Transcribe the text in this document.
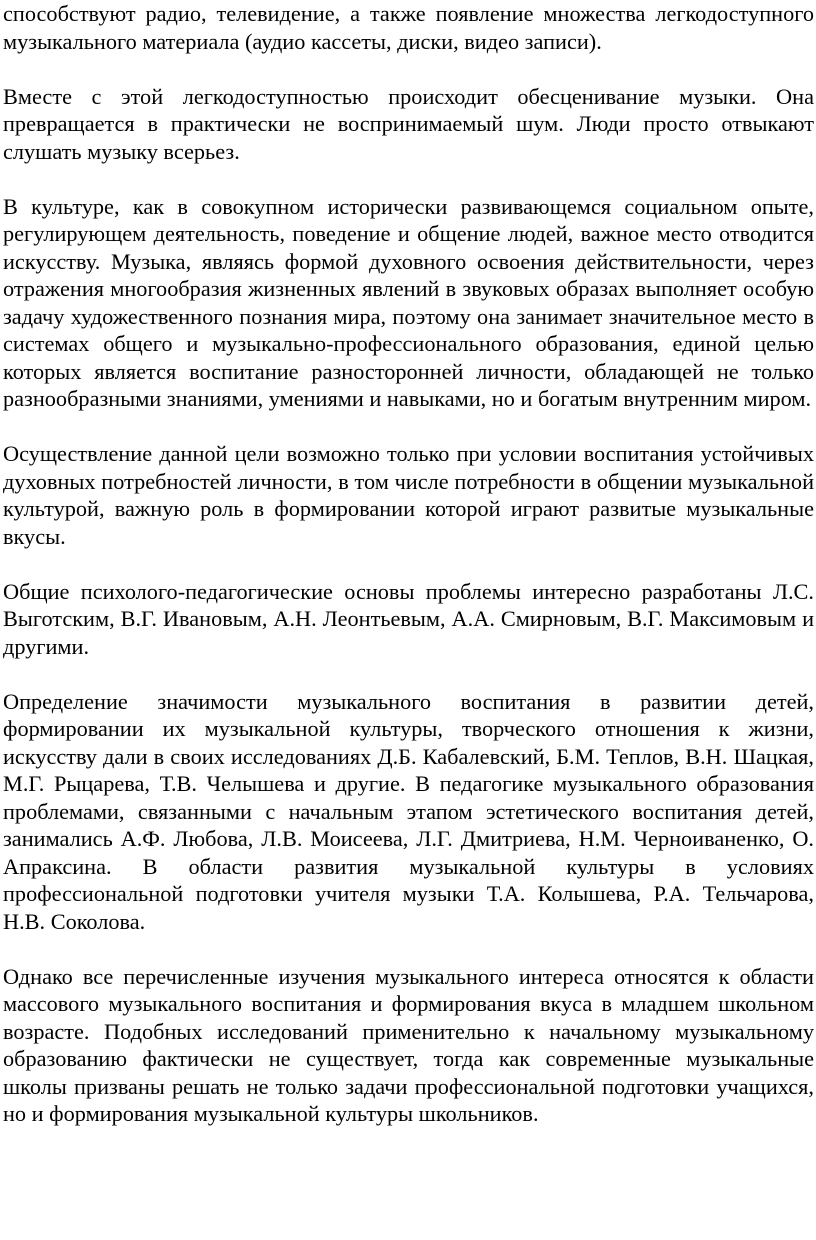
способствуют радио, телевидение, а также появление множества легкодоступного музыкального материала (аудио кассеты, диски, видео записи).

Вместе с этой легкодоступностью происходит обесценивание музыки. Она превращается в практически не воспринимаемый шум. Люди просто отвыкают слушать музыку всерьез.

В культуре, как в совокупном исторически развивающемся социальном опыте, регулирующем деятельность, поведение и общение людей, важное место отводится искусству. Музыка, являясь формой духовного освоения действительности, через отражения многообразия жизненных явлений в звуковых образах выполняет особую задачу художественного познания мира, поэтому она занимает значительное место в системах общего и музыкально-профессионального образования, единой целью которых является воспитание разносторонней личности, обладающей не только разнообразными знаниями, умениями и навыками, но и богатым внутренним миром.

Осуществление данной цели возможно только при условии воспитания устойчивых духовных потребностей личности, в том числе потребности в общении музыкальной культурой, важную роль в формировании которой играют развитые музыкальные вкусы.

Общие психолого-педагогические основы проблемы интересно разработаны Л.С. Выготским, В.Г. Ивановым, А.Н. Леонтьевым, А.А. Смирновым, В.Г. Максимовым и другими.

Определение значимости музыкального воспитания в развитии детей, формировании их музыкальной культуры, творческого отношения к жизни, искусству дали в своих исследованиях Д.Б. Кабалевский, Б.М. Теплов, В.Н. Шацкая, М.Г. Рыцарева, Т.В. Челышева и другие. В педагогике музыкального образования проблемами, связанными с начальным этапом эстетического воспитания детей, занимались А.Ф. Любова, Л.В. Моисеева, Л.Г. Дмитриева, Н.М. Черноиваненко, О. Апраксина. В области развития музыкальной культуры в условиях профессиональной подготовки учителя музыки Т.А. Колышева, Р.А. Тельчарова, Н.В. Соколова.

Однако все перечисленные изучения музыкального интереса относятся к области массового музыкального воспитания и формирования вкуса в младшем школьном возрасте. Подобных исследований применительно к начальному музыкальному образованию фактически не существует, тогда как современные музыкальные школы призваны решать не только задачи профессиональной подготовки учащихся, но и формирования музыкальной культуры школьников.
